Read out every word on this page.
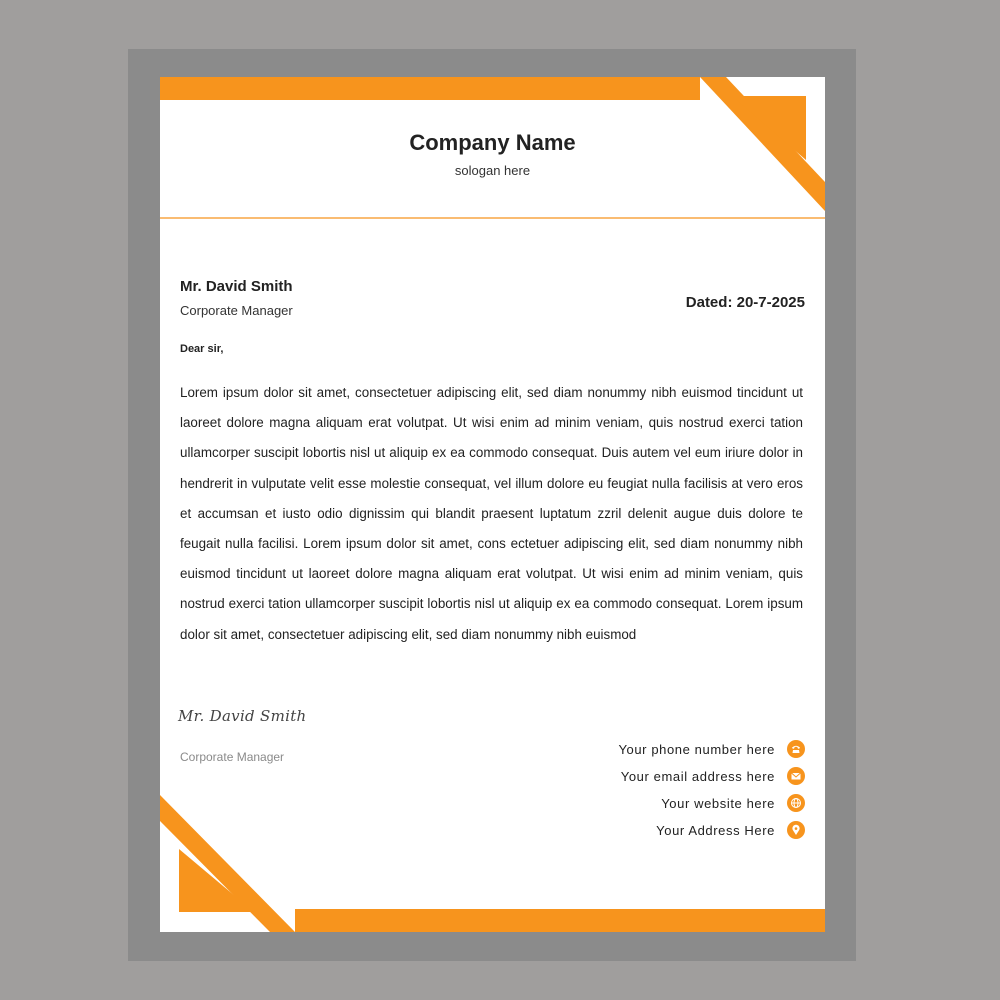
Company Name
sologan here
Mr. David Smith
Corporate Manager	Dated: 20-7-2025
Dear sir,

Lorem ipsum dolor sit amet, consectetuer adipiscing elit, sed diam nonummy nibh euismod tincidunt ut laoreet dolore magna aliquam erat volutpat. Ut wisi enim ad minim veniam, quis nostrud exerci tation ullamcorper suscipit lobortis nisl ut aliquip ex ea commodo consequat. Duis autem vel eum iriure dolor in hendrerit in vulputate velit esse molestie consequat, vel illum dolore eu feugiat nulla facilisis at vero eros et accumsan et iusto odio dignissim qui blandit praesent luptatum zzril delenit augue duis dolore te feugait nulla facilisi. Lorem ipsum dolor sit amet, cons ectetuer adipiscing elit, sed diam nonummy nibh euismod tincidunt ut laoreet dolore magna aliquam erat volutpat. Ut wisi enim ad minim veniam, quis nostrud exerci tation ullamcorper suscipit lobortis nisl ut aliquip ex ea commodo consequat. Lorem ipsum dolor sit amet, consectetuer adipiscing elit, sed diam nonummy nibh euismod

Mr. David Smith
Corporate Manager
Your phone number here
Your email address here
Your website here
Your Address Here
